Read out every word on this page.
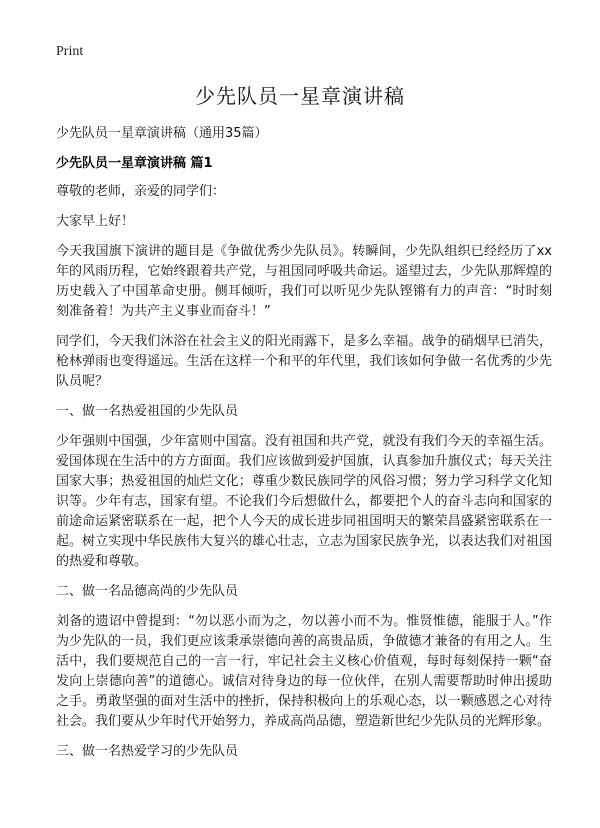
Print
少先队员一星章演讲稿
少先队员一星章演讲稿（通用35篇）
少先队员一星章演讲稿 篇1

尊敬的老师，亲爱的同学们：

大家早上好！

今天我国旗下演讲的题目是《争做优秀少先队员》。转瞬间，少先队组织已经经历了xx年的风雨历程，它始终跟着共产党，与祖国同呼吸共命运。遥望过去，少先队那辉煌的历史载入了中国革命史册。侧耳倾听，我们可以听见少先队铿锵有力的声音：“时时刻刻准备着！为共产主义事业而奋斗！”

同学们，今天我们沐浴在社会主义的阳光雨露下，是多么幸福。战争的硝烟早已消失，枪林弹雨也变得遥远。生活在这样一个和平的年代里，我们该如何争做一名优秀的少先队员呢？

一、做一名热爱祖国的少先队员

少年强则中国强，少年富则中国富。没有祖国和共产党，就没有我们今天的幸福生活。爱国体现在生活中的方方面面。我们应该做到爱护国旗，认真参加升旗仪式；每天关注国家大事；热爱祖国的灿烂文化；尊重少数民族同学的风俗习惯；努力学习科学文化知识等。少年有志，国家有望。不论我们今后想做什么，都要把个人的奋斗志向和国家的前途命运紧密联系在一起，把个人今天的成长进步同祖国明天的繁荣昌盛紧密联系在一起。树立实现中华民族伟大复兴的雄心壮志，立志为国家民族争光，以表达我们对祖国的热爱和尊敬。

二、做一名品德高尚的少先队员

刘备的遗诏中曾提到：“勿以恶小而为之，勿以善小而不为。惟贤惟德，能服于人。”作为少先队的一员，我们更应该秉承崇德向善的高贵品质，争做德才兼备的有用之人。生活中，我们要规范自己的一言一行，牢记社会主义核心价值观，每时每刻保持一颗“奋发向上崇德向善”的道德心。诚信对待身边的每一位伙伴，在别人需要帮助时伸出援助之手。勇敢坚强的面对生活中的挫折，保持积极向上的乐观心态，以一颗感恩之心对待社会。我们要从少年时代开始努力，养成高尚品德，塑造新世纪少先队员的光辉形象。

三、做一名热爱学习的少先队员
